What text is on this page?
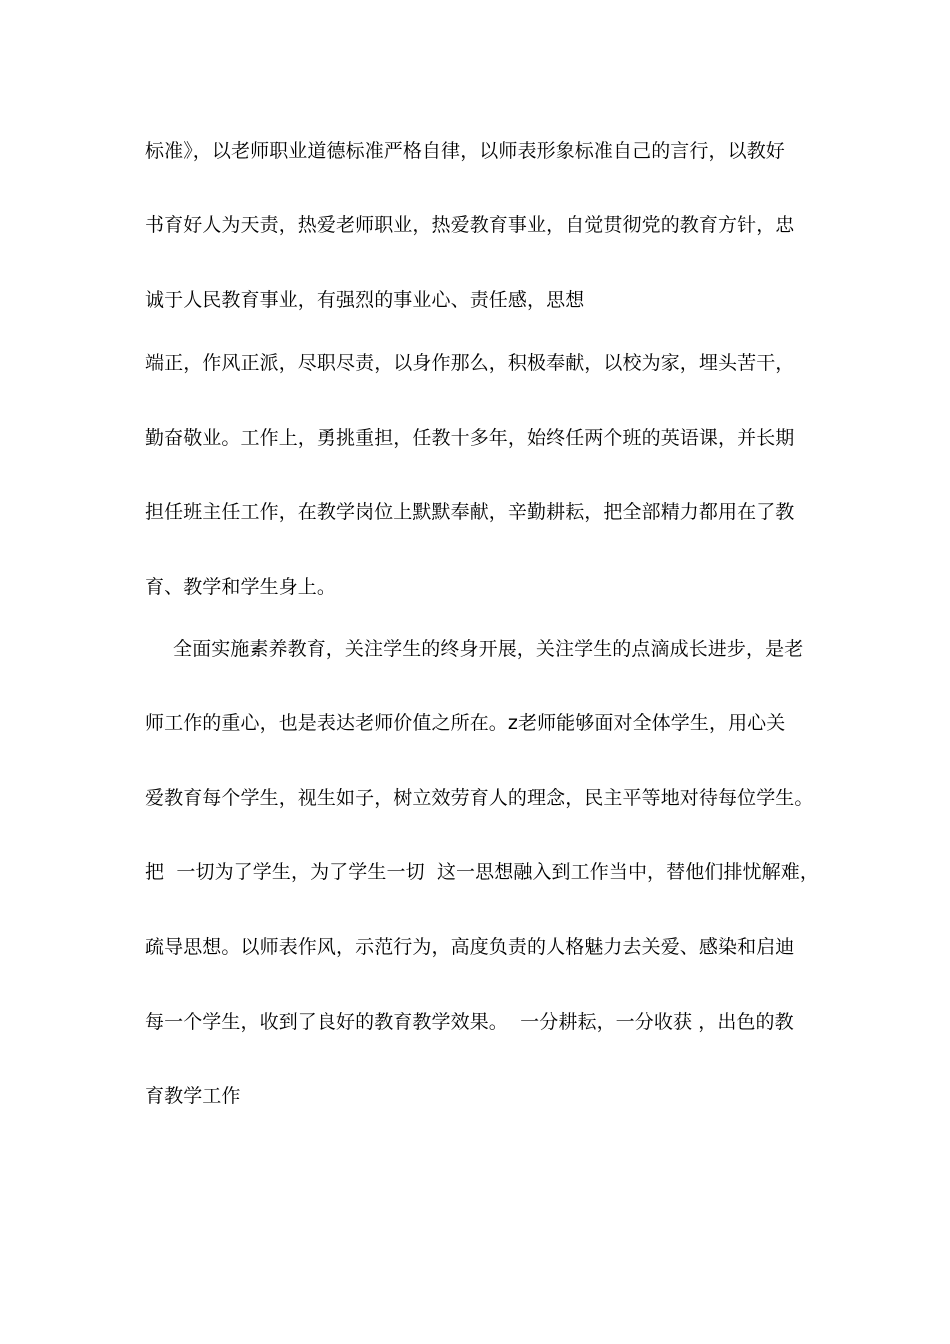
标准》，以老师职业道德标准严格自律，以师表形象标准自己的言行，以教好
书育好人为天责，热爱老师职业，热爱教育事业，自觉贯彻党的教育方针，忠
诚于人民教育事业，有强烈的事业心、责任感，思想
端正，作风正派，尽职尽责，以身作那么，积极奉献，以校为家，埋头苦干，
勤奋敬业。工作上，勇挑重担，任教十多年，始终任两个班的英语课，并长期
担任班主任工作，在教学岗位上默默奉献，辛勤耕耘，把全部精力都用在了教
育、教学和学生身上。
全面实施素养教育，关注学生的终身开展，关注学生的点滴成长进步，是老
师工作的重心，也是表达老师价值之所在。z老师能够面对全体学生，用心关
爱教育每个学生，视生如子，树立效劳育人的理念，民主平等地对待每位学生。
把  一切为了学生，为了学生一切  这一思想融入到工作当中，替他们排忧解难，
疏导思想。以师表作风，示范行为，高度负责的人格魅力去关爱、感染和启迪
每一个学生，收到了良好的教育教学效果。  一分耕耘，一分收获 ，出色的教
育教学工作
